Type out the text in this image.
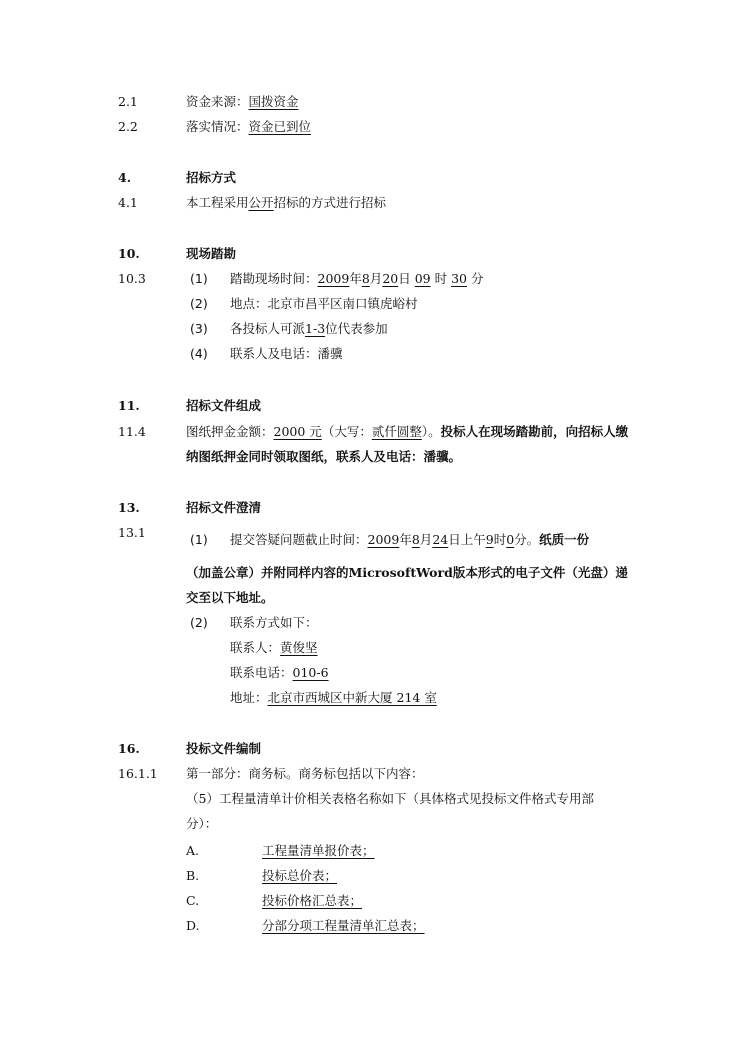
2.1	资金来源：国拨资金
2.2	落实情况：资金已到位
4.	招标方式
4.1	本工程采用公开招标的方式进行招标
10.	现场踏勘
10.3	(1) 踏勘现场时间：2009年8月20日 09 时 30 分
(2) 地点：北京市昌平区南口镇虎峪村
(3) 各投标人可派1-3位代表参加
(4) 联系人及电话：潘骥
11.	招标文件组成
11.4	图纸押金金额：2000 元（大写：贰仟圆整）。投标人在现场踏勘前，向招标人缴
纳图纸押金同时领取图纸，联系人及电话：潘骥。
13.	招标文件澄清
13.1	(1) 提交答疑问题截止时间：2009年8月24日上午9时0分。纸质一份
（加盖公章）并附同样内容的MicrosoftWord版本形式的电子文件（光盘）递
交至以下地址。
(2) 联系方式如下：
联系人：黄俊坚
联系电话：010-6
地址：北京市西城区中新大厦 214 室
16.	投标文件编制
16.1.1 第一部分：商务标。商务标包括以下内容：
（5）工程量清单计价相关表格名称如下（具体格式见投标文件格式专用部
分）：
A.	工程量清单报价表；
B.	投标总价表；
C.	投标价格汇总表；
D.	分部分项工程量清单汇总表；
